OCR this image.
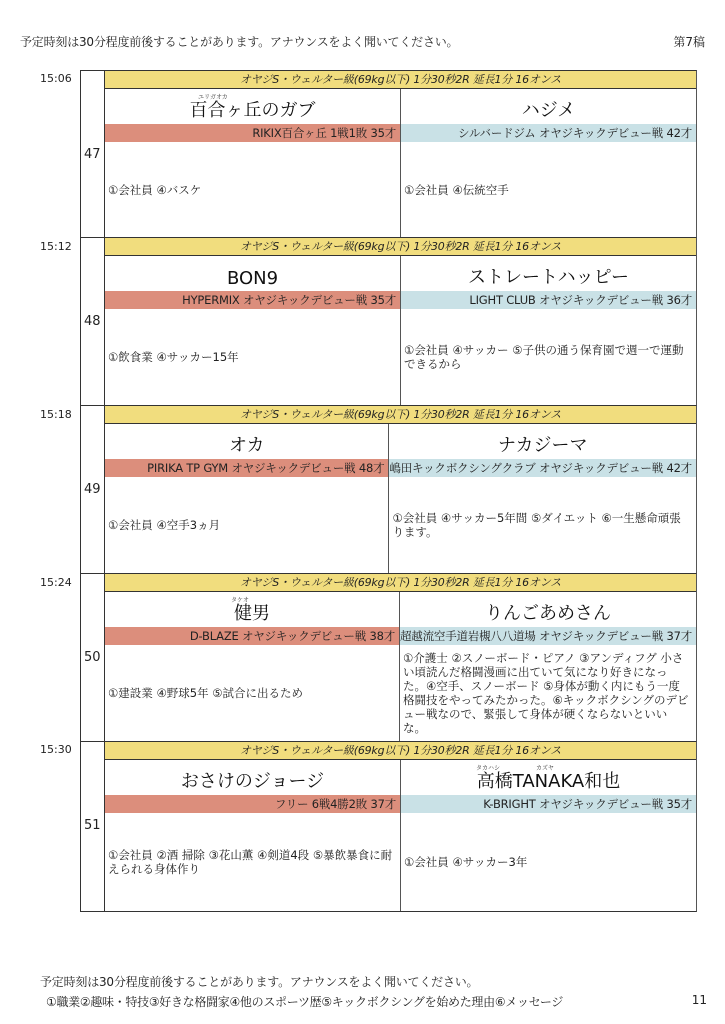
予定時刻は30分程度前後することがあります。アナウンスをよく聞いてください。	第7稿
15:06
15:12
15:18
15:24
15:30
47
オヤジS・ウェルター級(69kg以下) 1分30秒2R 延長1分 16オンス
ユリガオカ
百合ヶ丘のガブ
RIKIX百合ヶ丘 1戦1敗 35才
①会社員 ④バスケ
ハジメ
シルバードジム オヤジキックデビュー戦 42才
①会社員 ④伝統空手
48
オヤジS・ウェルター級(69kg以下) 1分30秒2R 延長1分 16オンス
BON9
HYPERMIX オヤジキックデビュー戦 35才
①飲食業 ④サッカー15年
ストレートハッピー
LIGHT CLUB オヤジキックデビュー戦 36才
①会社員 ④サッカー ⑤子供の通う保育園で週一で運動できるから
49
オヤジS・ウェルター級(69kg以下) 1分30秒2R 延長1分 16オンス
オカ
PIRIKA TP GYM オヤジキックデビュー戦 48才
①会社員 ④空手3ヵ月
ナカジーマ
嶋田キックボクシングクラブ オヤジキックデビュー戦 42才
①会社員 ④サッカー5年間 ⑤ダイエット ⑥一生懸命頑張ります。
50
オヤジS・ウェルター級(69kg以下) 1分30秒2R 延長1分 16オンス
タケオ
健男
D-BLAZE オヤジキックデビュー戦 38才
①建設業 ④野球5年 ⑤試合に出るため
りんごあめさん
超越流空手道岩槻八八道場 オヤジキックデビュー戦 37才
①介護士 ②スノーボード・ピアノ ③アンディフグ 小さい頃読んだ格闘漫画に出ていて気になり好きになった。④空手、スノーボード ⑤身体が動く内にもう一度格闘技をやってみたかった。⑥キックボクシングのデビュー戦なので、緊張して身体が硬くならないといいな。
51
オヤジS・ウェルター級(69kg以下) 1分30秒2R 延長1分 16オンス
おさけのジョージ
フリー 6戦4勝2敗 37才
①会社員 ②酒 掃除 ③花山薫 ④剣道4段 ⑤暴飲暴食に耐えられる身体作り
タカハシ　　　　　　カズヤ
高橋TANAKA和也
K-BRIGHT オヤジキックデビュー戦 35才
①会社員 ④サッカー3年
予定時刻は30分程度前後することがあります。アナウンスをよく聞いてください。
①職業②趣味・特技③好きな格闘家④他のスポーツ歴⑤キックボクシングを始めた理由⑥メッセージ	11
